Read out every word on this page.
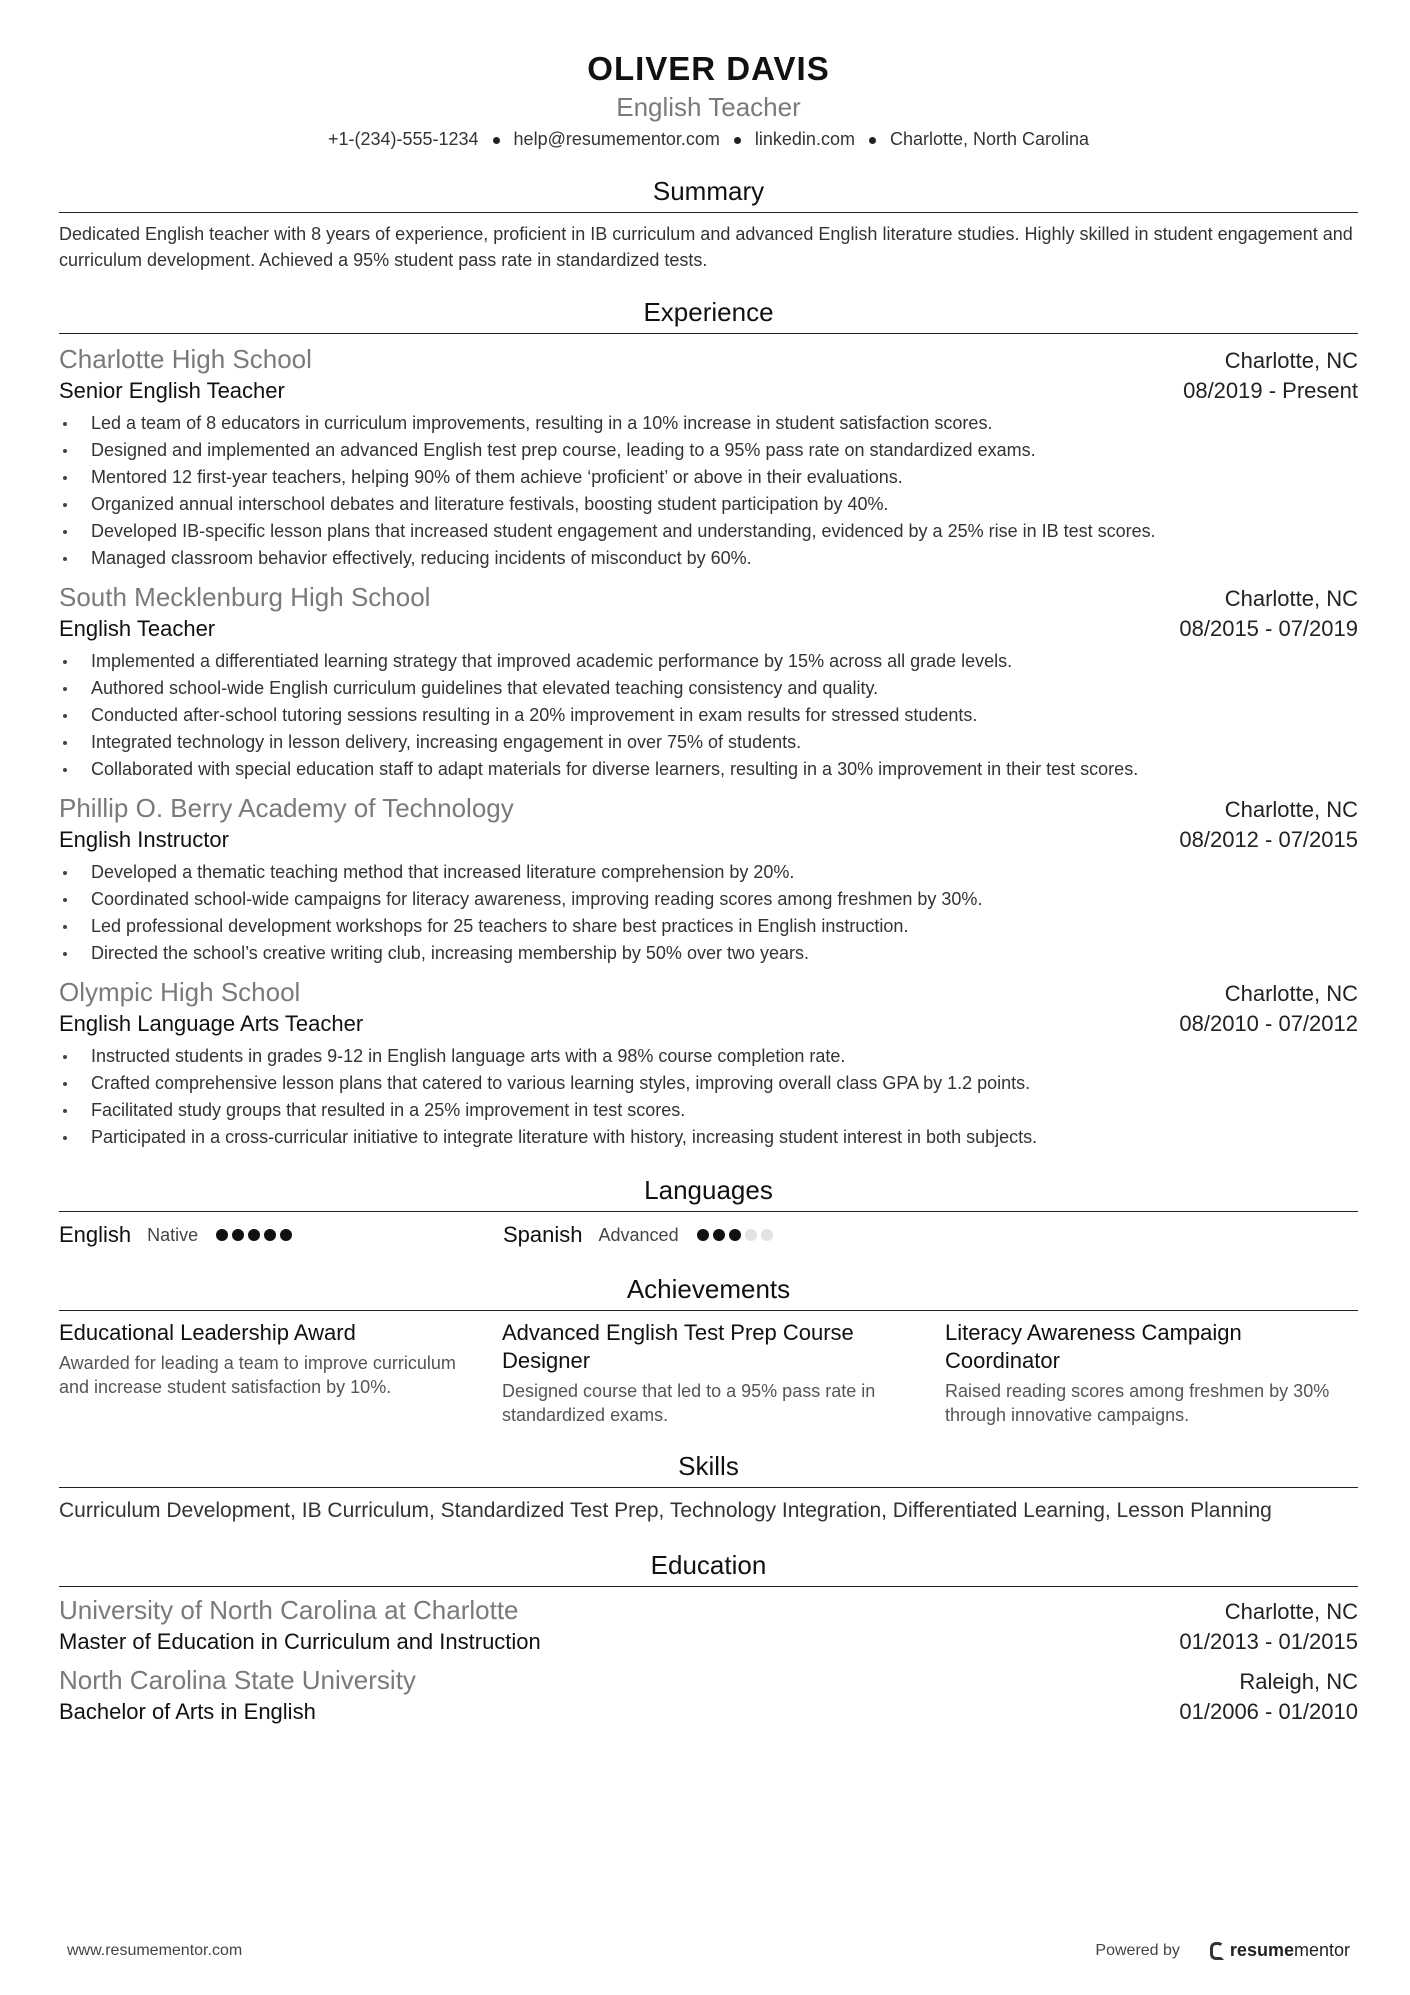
OLIVER DAVIS
English Teacher
+1-(234)-555-1234 help@resumementor.com linkedin.com Charlotte, North Carolina
Summary
Dedicated English teacher with 8 years of experience, proficient in IB curriculum and advanced English literature studies. Highly skilled in student engagement and curriculum development. Achieved a 95% student pass rate in standardized tests.
Experience
Charlotte High School	Charlotte, NC
Senior English Teacher	08/2019 - Present
Led a team of 8 educators in curriculum improvements, resulting in a 10% increase in student satisfaction scores.
Designed and implemented an advanced English test prep course, leading to a 95% pass rate on standardized exams.
Mentored 12 first-year teachers, helping 90% of them achieve ‘proficient’ or above in their evaluations.
Organized annual interschool debates and literature festivals, boosting student participation by 40%.
Developed IB-specific lesson plans that increased student engagement and understanding, evidenced by a 25% rise in IB test scores.
Managed classroom behavior effectively, reducing incidents of misconduct by 60%.
South Mecklenburg High School	Charlotte, NC
English Teacher	08/2015 - 07/2019
Implemented a differentiated learning strategy that improved academic performance by 15% across all grade levels.
Authored school-wide English curriculum guidelines that elevated teaching consistency and quality.
Conducted after-school tutoring sessions resulting in a 20% improvement in exam results for stressed students.
Integrated technology in lesson delivery, increasing engagement in over 75% of students.
Collaborated with special education staff to adapt materials for diverse learners, resulting in a 30% improvement in their test scores.
Phillip O. Berry Academy of Technology	Charlotte, NC
English Instructor	08/2012 - 07/2015
Developed a thematic teaching method that increased literature comprehension by 20%.
Coordinated school-wide campaigns for literacy awareness, improving reading scores among freshmen by 30%.
Led professional development workshops for 25 teachers to share best practices in English instruction.
Directed the school’s creative writing club, increasing membership by 50% over two years.
Olympic High School	Charlotte, NC
English Language Arts Teacher	08/2010 - 07/2012
Instructed students in grades 9-12 in English language arts with a 98% course completion rate.
Crafted comprehensive lesson plans that catered to various learning styles, improving overall class GPA by 1.2 points.
Facilitated study groups that resulted in a 25% improvement in test scores.
Participated in a cross-curricular initiative to integrate literature with history, increasing student interest in both subjects.
Languages
English Native	Spanish Advanced
Achievements
Educational Leadership Award
Awarded for leading a team to improve curriculum and increase student satisfaction by 10%.
Advanced English Test Prep Course Designer
Designed course that led to a 95% pass rate in standardized exams.
Literacy Awareness Campaign Coordinator
Raised reading scores among freshmen by 30% through innovative campaigns.
Skills
Curriculum Development, IB Curriculum, Standardized Test Prep, Technology Integration, Differentiated Learning, Lesson Planning
Education
University of North Carolina at Charlotte	Charlotte, NC
Master of Education in Curriculum and Instruction	01/2013 - 01/2015
North Carolina State University	Raleigh, NC
Bachelor of Arts in English	01/2006 - 01/2010
www.resumementor.com	Powered by	resume mentor
